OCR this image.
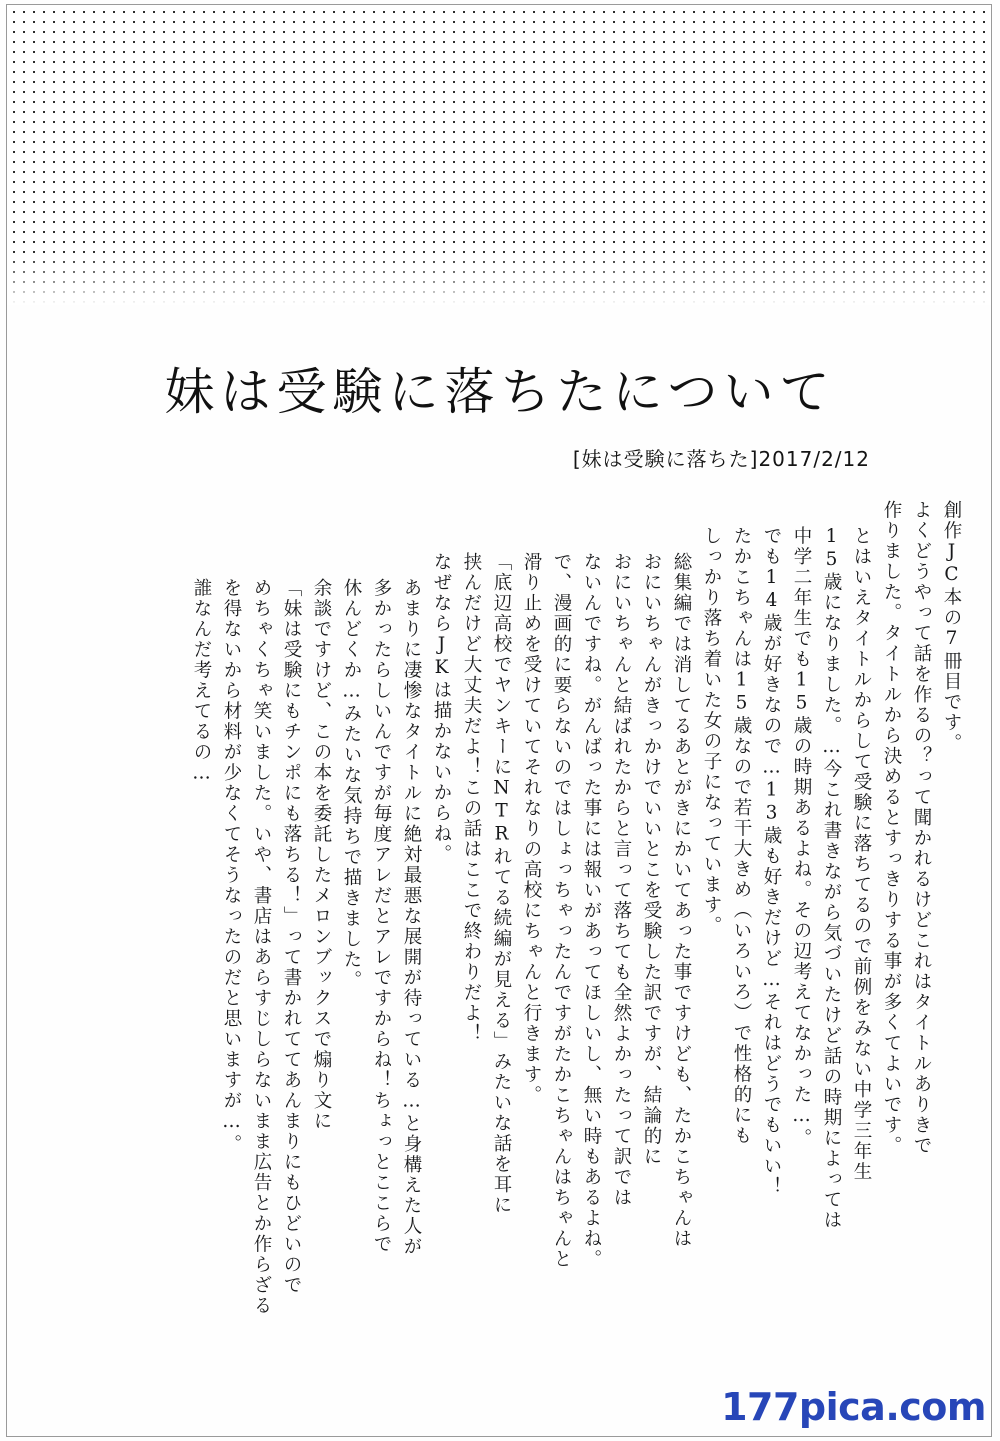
妹は受験に落ちたについて
[妹は受験に落ちた]2017/2/12
創作JC本の7冊目です。
よくどうやって話を作るの？って聞かれるけどこれはタイトルありきで
作りました。タイトルから決めるとすっきりする事が多くてよいです。
とはいえタイトルからして受験に落ちてるので前例をみない中学三年生
15歳になりました。…今これ書きながら気づいたけど話の時期によっては
中学二年生でも15歳の時期あるよね。その辺考えてなかった…。
でも14歳が好きなので…13歳も好きだけど…それはどうでもいい！
たかこちゃんは15歳なので若干大きめ（いろいろ）で性格的にも
しっかり落ち着いた女の子になっています。
総集編では消してるあとがきにかいてあった事ですけども、たかこちゃんは
おにいちゃんがきっかけでいいとこを受験した訳ですが、結論的に
おにいちゃんと結ばれたからと言って落ちても全然よかったって訳では
ないんですね。がんばった事には報いがあってほしいし、無い時もあるよね。
で、漫画的に要らないのではしょっちゃったんですがたかこちゃんはちゃんと
滑り止めを受けていてそれなりの高校にちゃんと行きます。
「底辺高校でヤンキーにNTRれてる続編が見える」みたいな話を耳に
挟んだけど大丈夫だよ！この話はここで終わりだよ！
なぜならJKは描かないからね。
あまりに凄惨なタイトルに絶対最悪な展開が待っている…と身構えた人が
多かったらしいんですが毎度アレだとアレですからね！ちょっとここらで
休んどくか…みたいな気持ちで描きました。
余談ですけど、この本を委託したメロンブックスで煽り文に
「妹は受験にもチンポにも落ちる！」って書かれててあんまりにもひどいので
めちゃくちゃ笑いました。いや、書店はあらすじしらないまま広告とか作らざる
を得ないから材料が少なくてそうなったのだと思いますが…。
誰なんだ考えてるの…
177pica.com
